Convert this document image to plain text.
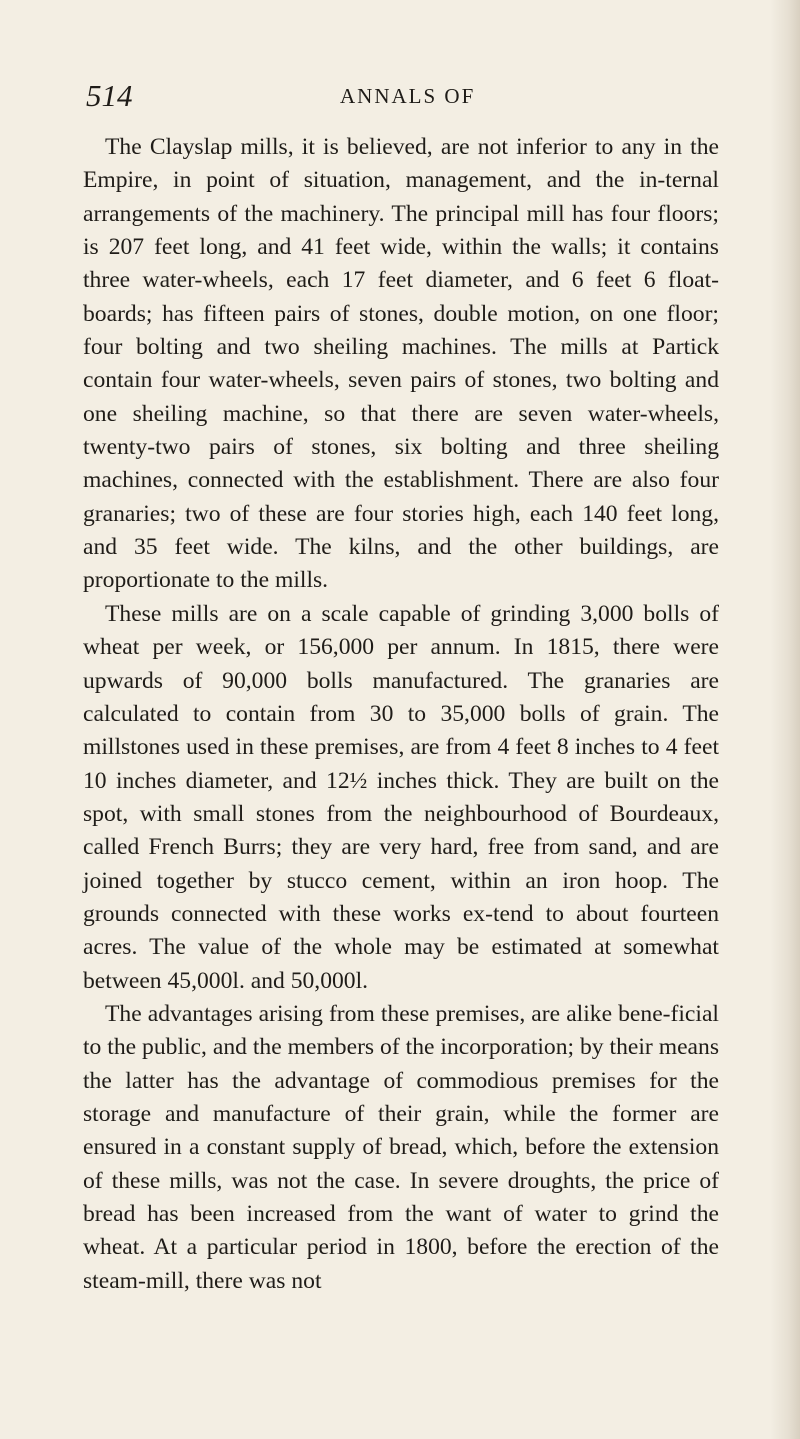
514	ANNALS OF

The Clayslap mills, it is believed, are not inferior to any in the Empire, in point of situation, management, and the in-ternal arrangements of the machinery. The principal mill has four floors; is 207 feet long, and 41 feet wide, within the walls; it contains three water-wheels, each 17 feet diameter, and 6 feet 6 float-boards; has fifteen pairs of stones, double motion, on one floor; four bolting and two sheiling machines. The mills at Partick contain four water-wheels, seven pairs of stones, two bolting and one sheiling machine, so that there are seven water-wheels, twenty-two pairs of stones, six bolting and three sheiling machines, connected with the establishment. There are also four granaries; two of these are four stories high, each 140 feet long, and 35 feet wide. The kilns, and the other buildings, are proportionate to the mills.

These mills are on a scale capable of grinding 3,000 bolls of wheat per week, or 156,000 per annum. In 1815, there were upwards of 90,000 bolls manufactured. The granaries are calculated to contain from 30 to 35,000 bolls of grain. The millstones used in these premises, are from 4 feet 8 inches to 4 feet 10 inches diameter, and 12½ inches thick. They are built on the spot, with small stones from the neighbourhood of Bourdeaux, called French Burrs; they are very hard, free from sand, and are joined together by stucco cement, within an iron hoop. The grounds connected with these works ex-tend to about fourteen acres. The value of the whole may be estimated at somewhat between 45,000l. and 50,000l.

The advantages arising from these premises, are alike bene-ficial to the public, and the members of the incorporation; by their means the latter has the advantage of commodious premises for the storage and manufacture of their grain, while the former are ensured in a constant supply of bread, which, before the extension of these mills, was not the case. In severe droughts, the price of bread has been increased from the want of water to grind the wheat. At a particular period in 1800, before the erection of the steam-mill, there was not
